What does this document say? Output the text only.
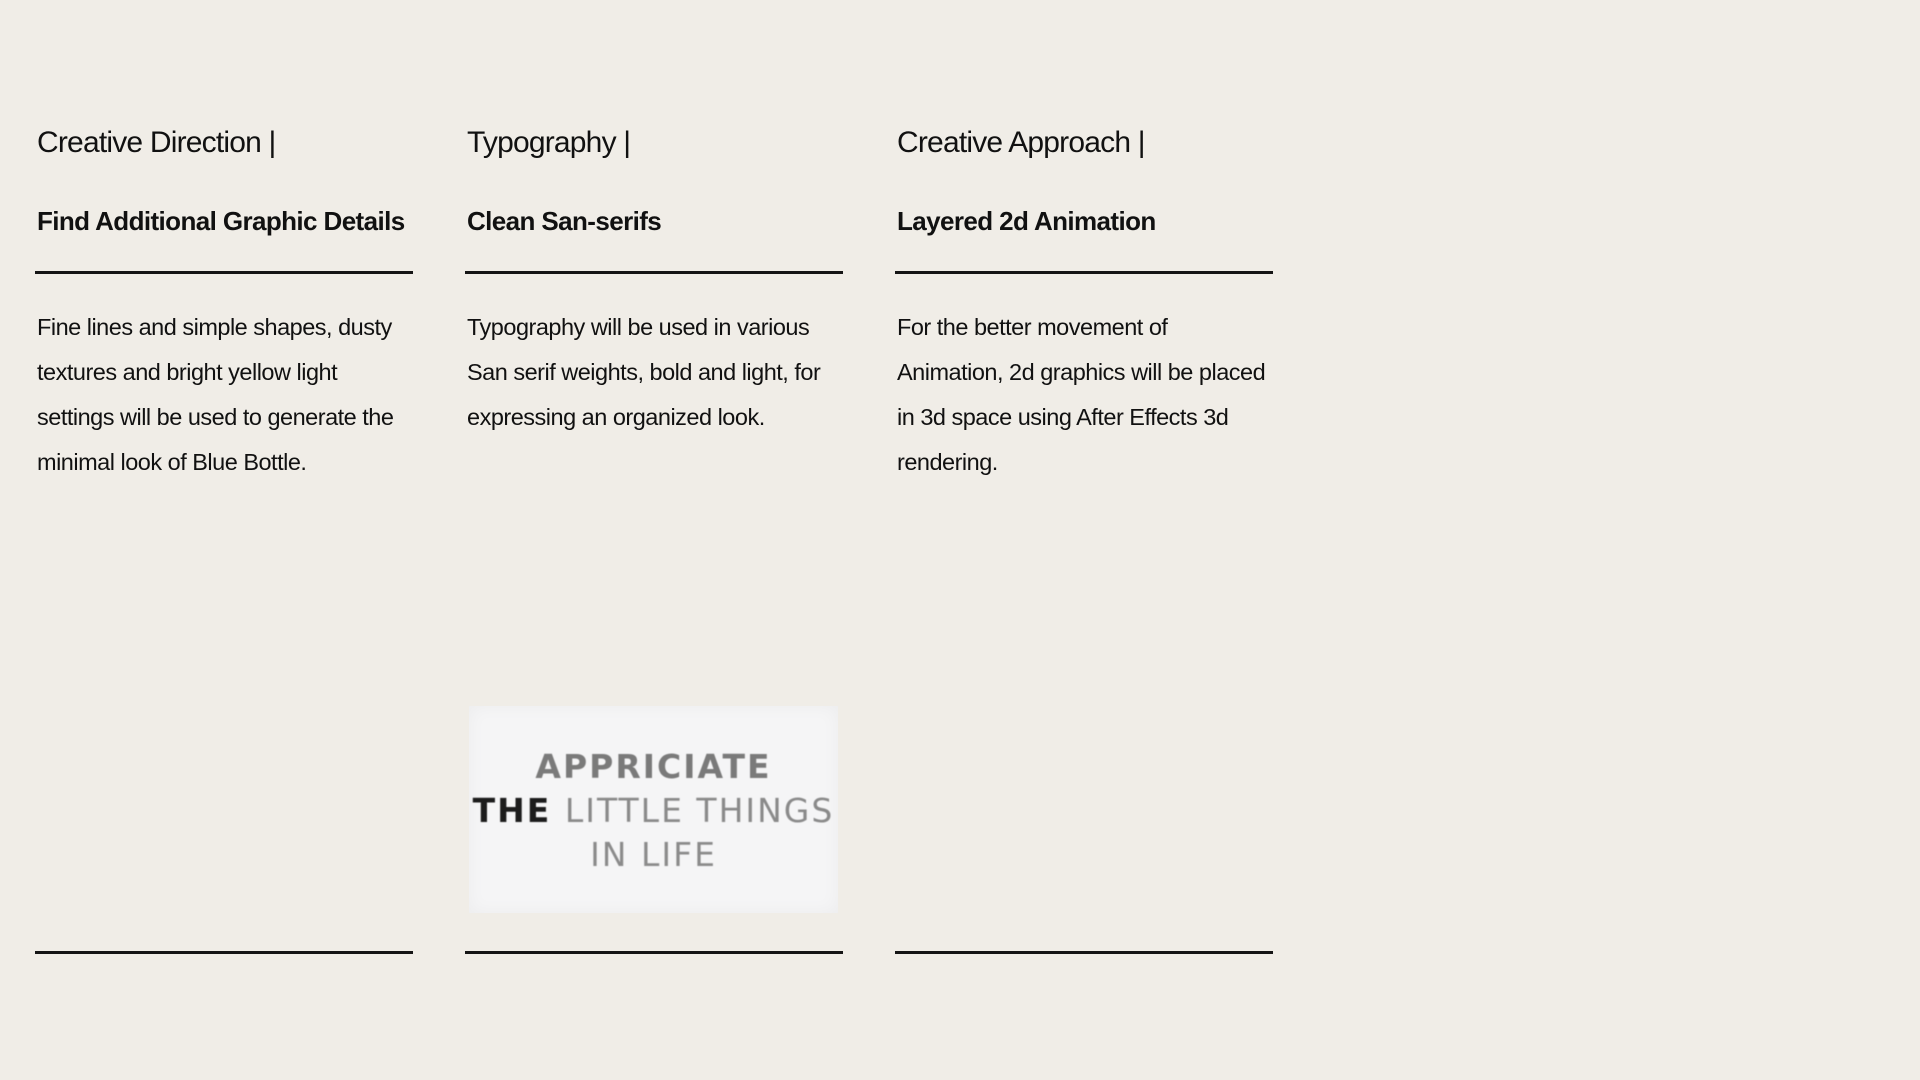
Creative Direction |
Find Additional Graphic Details

Fine lines and simple shapes, dusty textures and bright yellow light settings will be used to generate the minimal look of Blue Bottle.

Typography |
Clean San-serifs

Typography will be used in various San serif weights, bold and light, for expressing an organized look.

APPRICIATE
THE LITTLE THINGS
IN LIFE
Creative Approach |
Layered 2d Animation

For the better movement of Animation, 2d graphics will be placed in 3d space using After Effects 3d rendering.
